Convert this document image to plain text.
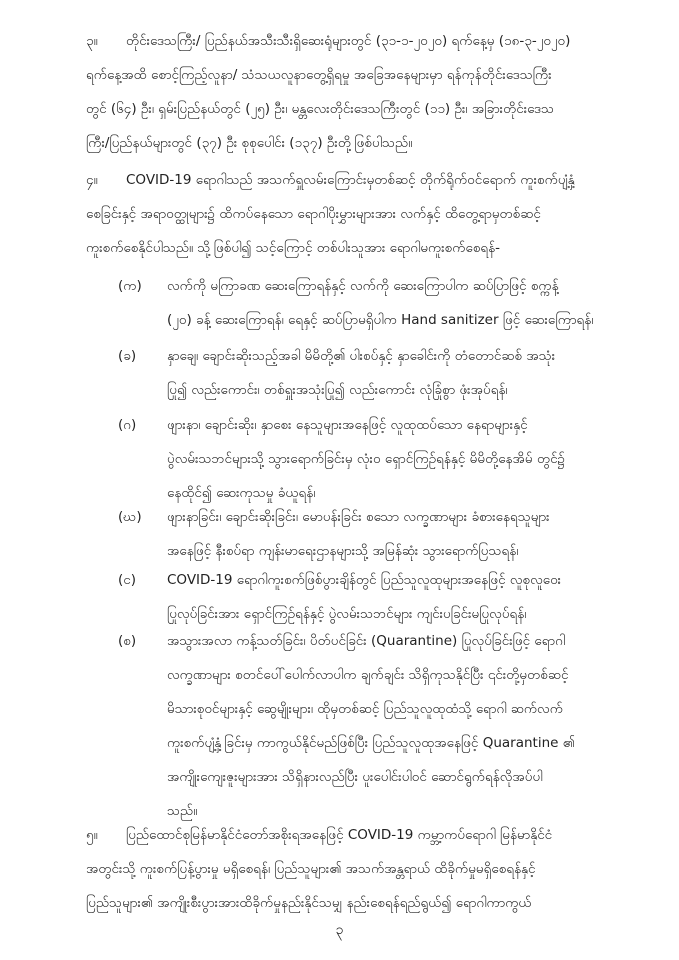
၃။ တိုင်းဒေသကြီး/ ပြည်နယ်အသီးသီးရှိဆေးရုံများတွင် (၃၁-၁-၂၀၂၀) ရက်နေ့မှ (၁၈-၃-၂၀၂၀)
ရက်နေ့အထိ စောင့်ကြည့်လူနာ/ သံသယလူနာတွေ့ရှိရမှု အခြေအနေများမှာ ရန်ကုန်တိုင်းဒေသကြီး
တွင် (၆၄) ဦး၊ ရှမ်းပြည်နယ်တွင် (၂၅) ဦး၊ မန္တလေးတိုင်းဒေသကြီးတွင် (၁၁) ဦး၊ အခြားတိုင်းဒေသ
ကြီး/ပြည်နယ်များတွင် (၃၇) ဦး စုစုပေါင်း (၁၃၇) ဦးတို့ဖြစ်ပါသည်။
၄။ COVID-19 ရောဂါသည် အသက်ရှူလမ်းကြောင်းမှတစ်ဆင့် တိုက်ရိုက်ဝင်ရောက် ကူးစက်ပျံ့နှံ့
စေခြင်းနှင့် အရာဝတ္ထုများ၌ ထိကပ်နေသော ရောဂါပိုးမွှားများအား လက်နှင့် ထိတွေ့ရာမှတစ်ဆင့်
ကူးစက်စေနိုင်ပါသည်။ သို့ဖြစ်ပါ၍ သင့်ကြောင့် တစ်ပါးသူအား ရောဂါမကူးစက်စေရန်-
(က)	လက်ကို မကြာခဏ ဆေးကြောရန်နှင့် လက်ကို ဆေးကြောပါက ဆပ်ပြာဖြင့် စက္ကန့်
(၂၀) ခန့် ဆေးကြောရန်၊ ရေနှင့် ဆပ်ပြာမရှိပါက Hand sanitizer ဖြင့် ဆေးကြောရန်၊
(ခ)	နှာချေ၊ ချောင်းဆိုးသည့်အခါ မိမိတို့၏ ပါးစပ်နှင့် နှာခေါင်းကို တံတောင်ဆစ် အသုံး
ပြု၍ လည်းကောင်း၊ တစ်ရှူးအသုံးပြု၍ လည်းကောင်း လုံခြုံစွာ ဖုံးအုပ်ရန်၊
(ဂ)	ဖျားနာ၊ ချောင်းဆိုး၊ နှာစေး နေသူများအနေဖြင့် လူထုထပ်သော နေရာများနှင့်
ပွဲလမ်းသဘင်များသို့ သွားရောက်ခြင်းမှ လုံးဝ ရှောင်ကြဉ်ရန်နှင့် မိမိတို့နေအိမ် တွင်၌
နေထိုင်၍ ဆေးကုသမှု ခံယူရန်၊
(ဃ)	ဖျားနာခြင်း၊ ချောင်းဆိုးခြင်း၊ မောပန်းခြင်း စသော လက္ခဏာများ ခံစားနေရသူများ
အနေဖြင့် နီးစပ်ရာ ကျန်းမာရေးဌာနများသို့ အမြန်ဆုံး သွားရောက်ပြသရန်၊
(င)	COVID-19 ရောဂါကူးစက်ဖြစ်ပွားချိန်တွင် ပြည်သူလူထုများအနေဖြင့် လူစုလူဝေး
ပြုလုပ်ခြင်းအား ရှောင်ကြဉ်ရန်နှင့် ပွဲလမ်းသဘင်များ ကျင်းပခြင်းမပြုလုပ်ရန်၊
(စ)	အသွားအလာ ကန့်သတ်ခြင်း၊ ပိတ်ပင်ခြင်း (Quarantine) ပြုလုပ်ခြင်းဖြင့် ရောဂါ
လက္ခဏာများ စတင်ပေါ်ပေါက်လာပါက ချက်ချင်း သိရှိကုသနိုင်ပြီး ၎င်းတို့မှတစ်ဆင့်
မိသားစုဝင်များနှင့် ဆွေမျိုးများ၊ ထိုမှတစ်ဆင့် ပြည်သူလူထုထံသို့ ရောဂါ ဆက်လက်
ကူးစက်ပျံ့နှံ့ခြင်းမှ ကာကွယ်နိုင်မည်ဖြစ်ပြီး ပြည်သူလူထုအနေဖြင့် Quarantine ၏
အကျိုးကျေးဇူးများအား သိရှိနားလည်ပြီး ပူးပေါင်းပါဝင် ဆောင်ရွက်ရန်လိုအပ်ပါ
သည်။
၅။ ပြည်ထောင်စုမြန်မာနိုင်ငံတော်အစိုးရအနေဖြင့် COVID-19 ကမ္ဘာ့ကပ်ရောဂါ မြန်မာနိုင်ငံ
အတွင်းသို့ ကူးစက်ပြန့်ပွားမှု မရှိစေရန်၊ ပြည်သူများ၏ အသက်အန္တရာယ် ထိခိုက်မှုမရှိစေရန်နှင့်
ပြည်သူများ၏ အကျိုးစီးပွားအားထိခိုက်မှုနည်းနိုင်သမျှ နည်းစေရန်ရည်ရွယ်၍ ရောဂါကာကွယ်
၃
